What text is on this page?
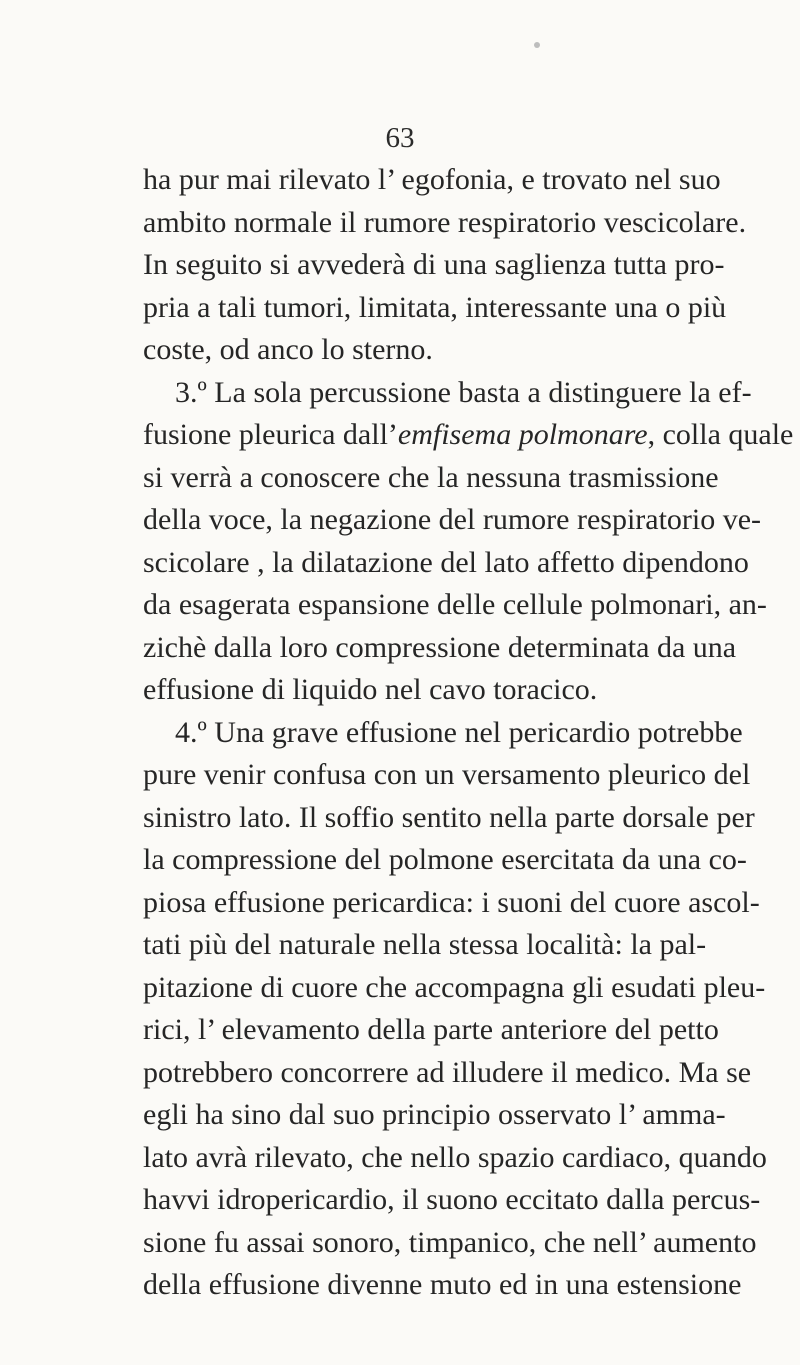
63
ha pur mai rilevato l’ egofonia, e trovato nel suo
ambito normale il rumore respiratorio vescicolare.
In seguito si avvederà di una saglienza tutta pro-
pria a tali tumori, limitata, interessante una o più
coste, od anco lo sterno.
3.º La sola percussione basta a distinguere la ef-
fusione pleurica dall’emfisema polmonare, colla quale
si verrà a conoscere che la nessuna trasmissione
della voce, la negazione del rumore respiratorio ve-
scicolare , la dilatazione del lato affetto dipendono
da esagerata espansione delle cellule polmonari, an-
zichè dalla loro compressione determinata da una
effusione di liquido nel cavo toracico.
4.º Una grave effusione nel pericardio potrebbe
pure venir confusa con un versamento pleurico del
sinistro lato. Il soffio sentito nella parte dorsale per
la compressione del polmone esercitata da una co-
piosa effusione pericardica: i suoni del cuore ascol-
tati più del naturale nella stessa località: la pal-
pitazione di cuore che accompagna gli esudati pleu-
rici, l’ elevamento della parte anteriore del petto
potrebbero concorrere ad illudere il medico. Ma se
egli ha sino dal suo principio osservato l’ amma-
lato avrà rilevato, che nello spazio cardiaco, quando
havvi idropericardio, il suono eccitato dalla percus-
sione fu assai sonoro, timpanico, che nell’ aumento
della effusione divenne muto ed in una estensione
